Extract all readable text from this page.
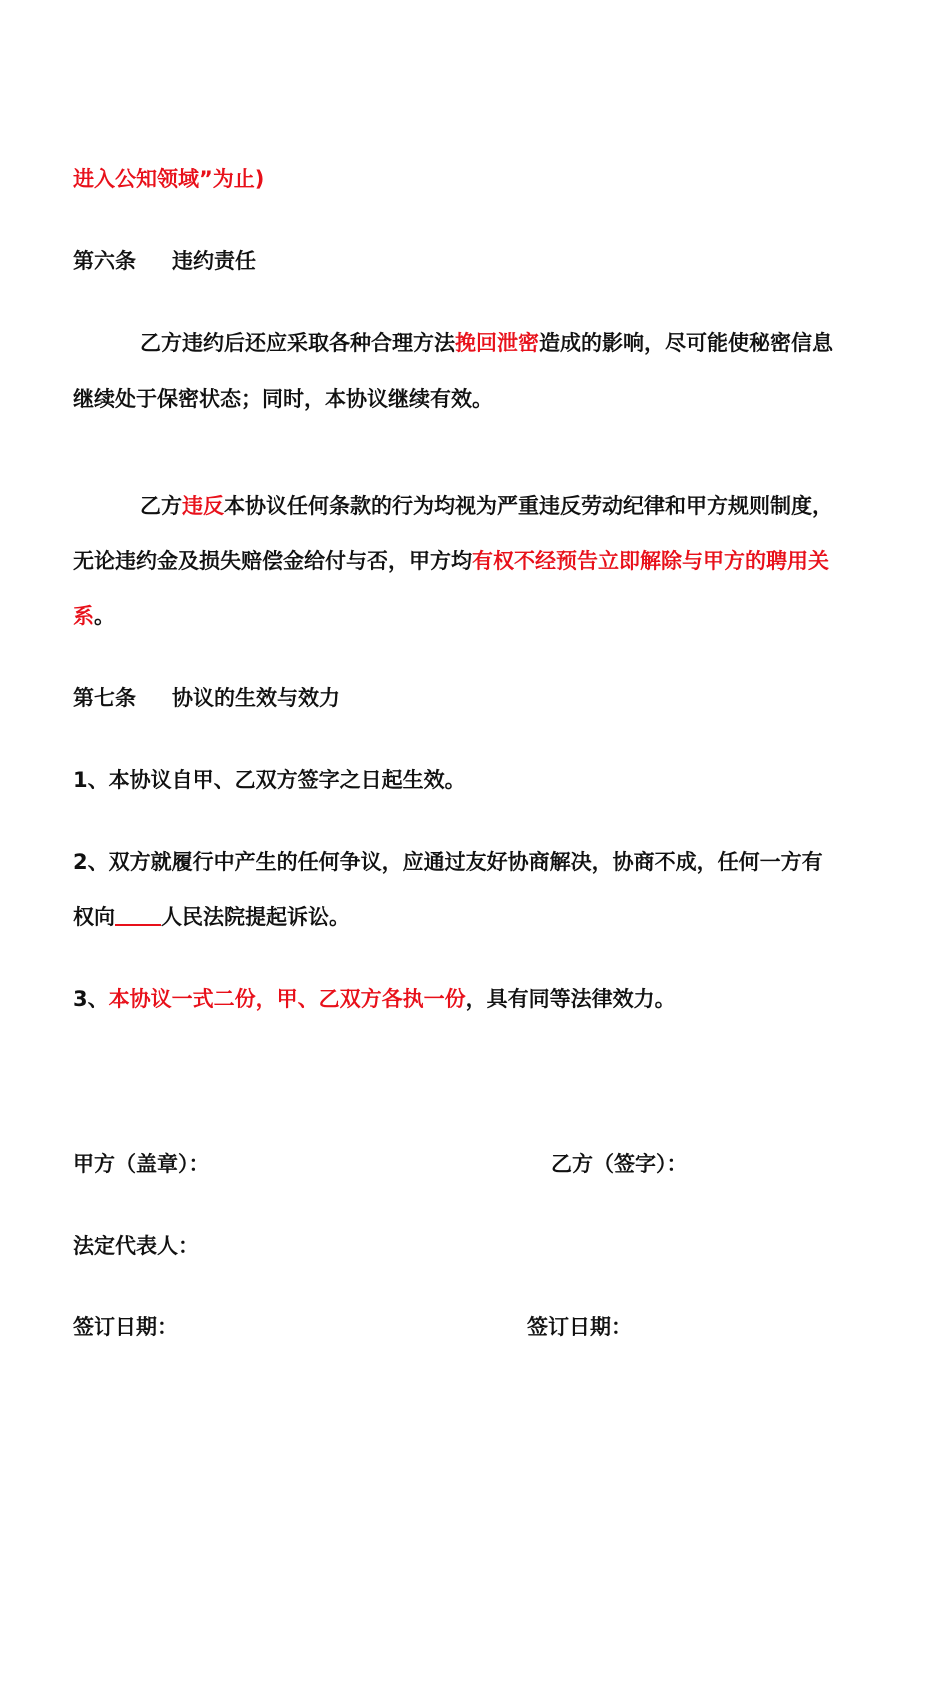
进入公知领域”为止)
第六条 违约责任
乙方违约后还应采取各种合理方法挽回泄密造成的影响，尽可能使秘密信息
继续处于保密状态；同时，本协议继续有效。
乙方违反本协议任何条款的行为均视为严重违反劳动纪律和甲方规则制度，
无论违约金及损失赔偿金给付与否，甲方均有权不经预告立即解除与甲方的聘用关
系。
第七条 协议的生效与效力
1、本协议自甲、乙双方签字之日起生效。
2、双方就履行中产生的任何争议，应通过友好协商解决，协商不成，任何一方有
权向 人民法院提起诉讼。
3、本协议一式二份，甲、乙双方各执一份，具有同等法律效力。
甲方（盖章）：	乙方（签字）：
法定代表人：
签订日期：	签订日期：
